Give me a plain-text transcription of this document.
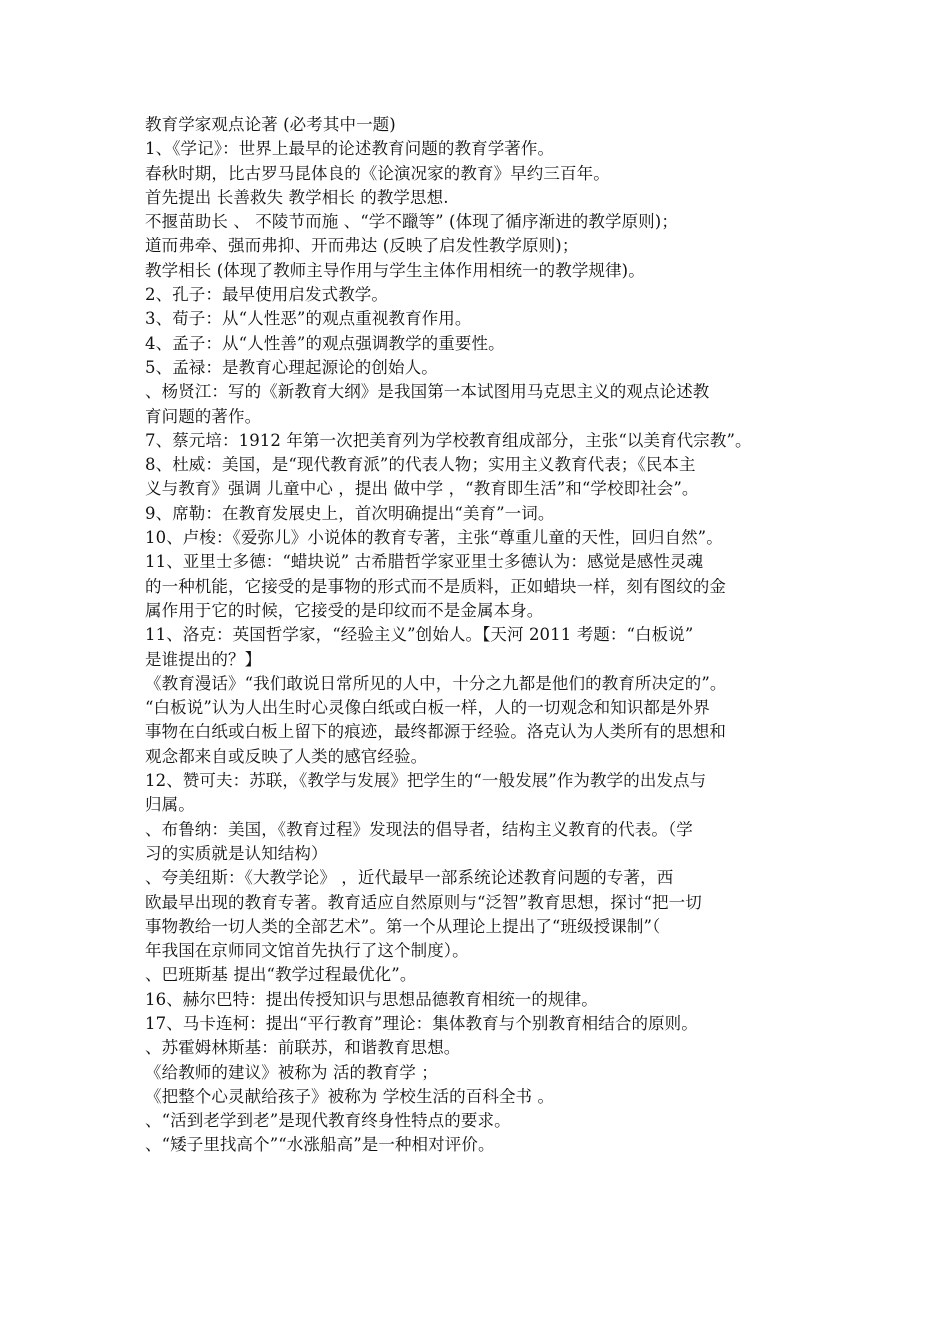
教育学家观点论著 (必考其中一题)
1、《学记》：世界上最早的论述教育问题的教育学著作。
春秋时期，比古罗马昆体良的《论演况家的教育》早约三百年。
首先提出 长善救失 教学相长 的教学思想.
不揠苗助长 、 不陵节而施 、“学不躐等” (体现了循序渐进的教学原则)；
道而弗牵、强而弗抑、开而弗达 (反映了启发性教学原则)；
教学相长 (体现了教师主导作用与学生主体作用相统一的教学规律)。
2、孔子：最早使用启发式教学。
3、荀子：从“人性恶”的观点重视教育作用。
4、孟子：从“人性善”的观点强调教学的重要性。
5、孟禄：是教育心理起源论的创始人。
、杨贤江：写的《新教育大纲》是我国第一本试图用马克思主义的观点论述教
育问题的著作。
7、蔡元培：1912 年第一次把美育列为学校教育组成部分，主张“以美育代宗教”。
8、杜威：美国，是“现代教育派”的代表人物；实用主义教育代表；《民本主
义与教育》强调 儿童中心 ，提出 做中学 ，“教育即生活”和“学校即社会”。
9、席勒：在教育发展史上，首次明确提出“美育”一词。
10、卢梭：《爱弥儿》小说体的教育专著，主张“尊重儿童的天性，回归自然”。
11、亚里士多德：“蜡块说” 古希腊哲学家亚里士多德认为：感觉是感性灵魂
的一种机能，它接受的是事物的形式而不是质料，正如蜡块一样，刻有图纹的金
属作用于它的时候，它接受的是印纹而不是金属本身。
11、洛克：英国哲学家，“经验主义”创始人。【天河 2011 考题：“白板说”
是谁提出的？】
《教育漫话》“我们敢说日常所见的人中，十分之九都是他们的教育所决定的”。
“白板说”认为人出生时心灵像白纸或白板一样，人的一切观念和知识都是外界
事物在白纸或白板上留下的痕迹，最终都源于经验。洛克认为人类所有的思想和
观念都来自或反映了人类的感官经验。
12、赞可夫：苏联，《教学与发展》把学生的“一般发展”作为教学的出发点与
归属。
、布鲁纳：美国，《教育过程》发现法的倡导者，结构主义教育的代表。（学
习的实质就是认知结构）
、夸美纽斯：《大教学论》 ，近代最早一部系统论述教育问题的专著，西
欧最早出现的教育专著。教育适应自然原则与“泛智”教育思想，探讨“把一切
事物教给一切人类的全部艺术”。第一个从理论上提出了“班级授课制”（
年我国在京师同文馆首先执行了这个制度）。
、巴班斯基 提出“教学过程最优化”。
16、赫尔巴特：提出传授知识与思想品德教育相统一的规律。
17、马卡连柯：提出“平行教育”理论：集体教育与个别教育相结合的原则。
、苏霍姆林斯基：前联苏，和谐教育思想。
《给教师的建议》被称为 活的教育学 ；
《把整个心灵献给孩子》被称为 学校生活的百科全书 。
、“活到老学到老”是现代教育终身性特点的要求。
、“矮子里找高个”“水涨船高”是一种相对评价。
